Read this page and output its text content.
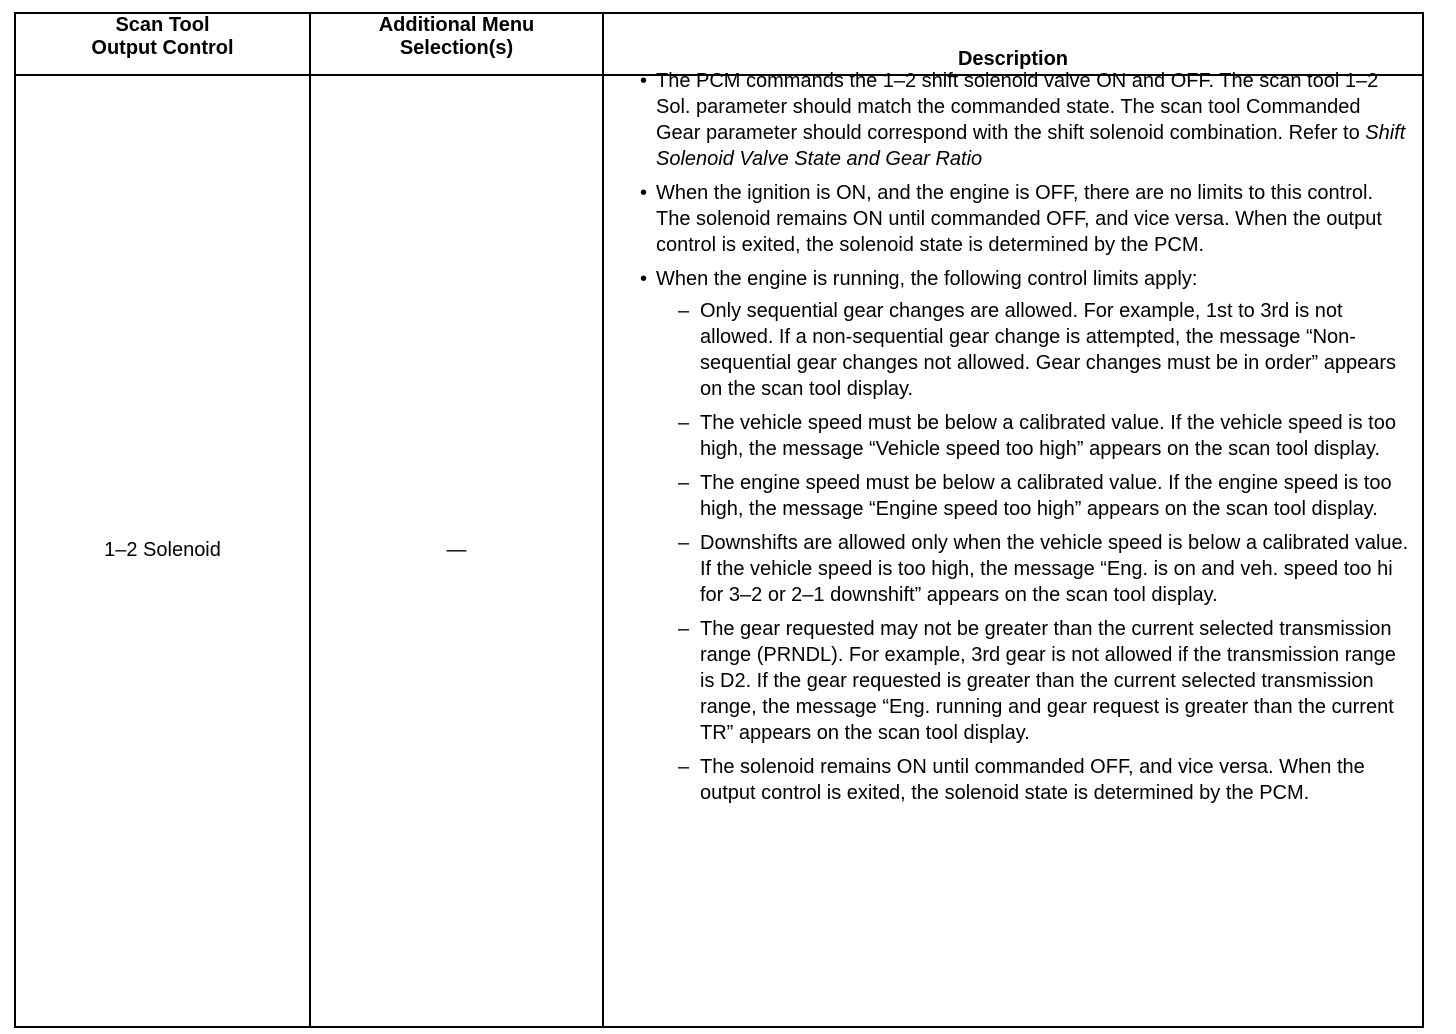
Scan Tool
Output Control
Additional Menu
Selection(s)	Description
1–2 Solenoid	—
• The PCM commands the 1–2 shift solenoid valve ON and OFF. The scan tool 1–2 Sol. parameter should match the commanded state. The scan tool Commanded Gear parameter should correspond with the shift solenoid combination. Refer to Shift Solenoid Valve State and Gear Ratio
• When the ignition is ON, and the engine is OFF, there are no limits to this control. The solenoid remains ON until commanded OFF, and vice versa. When the output control is exited, the solenoid state is determined by the PCM.
• When the engine is running, the following control limits apply:
– Only sequential gear changes are allowed. For example, 1st to 3rd is not allowed. If a non-sequential gear change is attempted, the message “Non-sequential gear changes not allowed. Gear changes must be in order” appears on the scan tool display.
– The vehicle speed must be below a calibrated value. If the vehicle speed is too high, the message “Vehicle speed too high” appears on the scan tool display.
– The engine speed must be below a calibrated value. If the engine speed is too high, the message “Engine speed too high” appears on the scan tool display.
– Downshifts are allowed only when the vehicle speed is below a calibrated value. If the vehicle speed is too high, the message “Eng. is on and veh. speed too hi for 3–2 or 2–1 downshift” appears on the scan tool display.
– The gear requested may not be greater than the current selected transmission range (PRNDL). For example, 3rd gear is not allowed if the transmission range is D2. If the gear requested is greater than the current selected transmission range, the message “Eng. running and gear request is greater than the current TR” appears on the scan tool display.
– The solenoid remains ON until commanded OFF, and vice versa. When the output control is exited, the solenoid state is determined by the PCM.
